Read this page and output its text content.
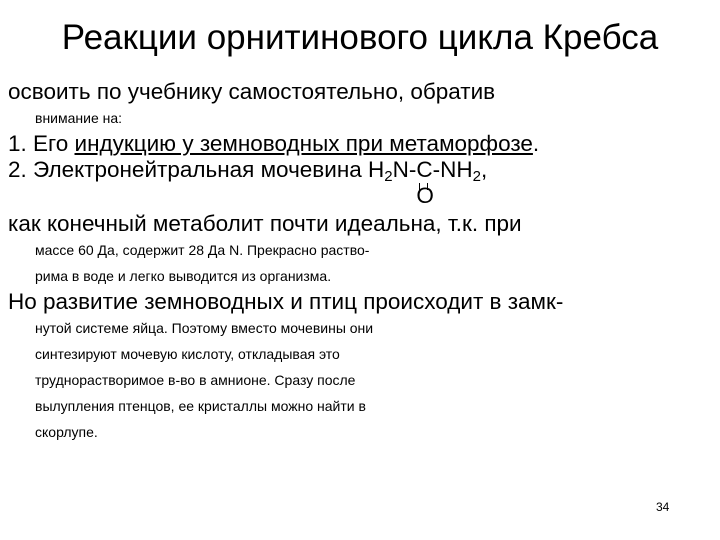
Реакции орнитинового цикла Кребса
освоить по учебнику самостоятельно, обратив
внимание на:
1. Его индукцию у земноводных при метаморфозе.
2. Электронейтральная мочевина $H_2N-C$
$-NH_2$,
O
как конечный метаболит почти идеальна, т.к. при
массе 60 Да, содержит 28 Да N. Прекрасно раство-
рима в воде и легко выводится из организма.
Но развитие земноводных и птиц происходит в замк-
нутой системе яйца. Поэтому вместо мочевины они
синтезируют мочевую кислоту, откладывая это
труднорастворимое в-во в амнионе. Сразу после
вылупления птенцов, ее кристаллы можно найти в
скорлупе.
34
